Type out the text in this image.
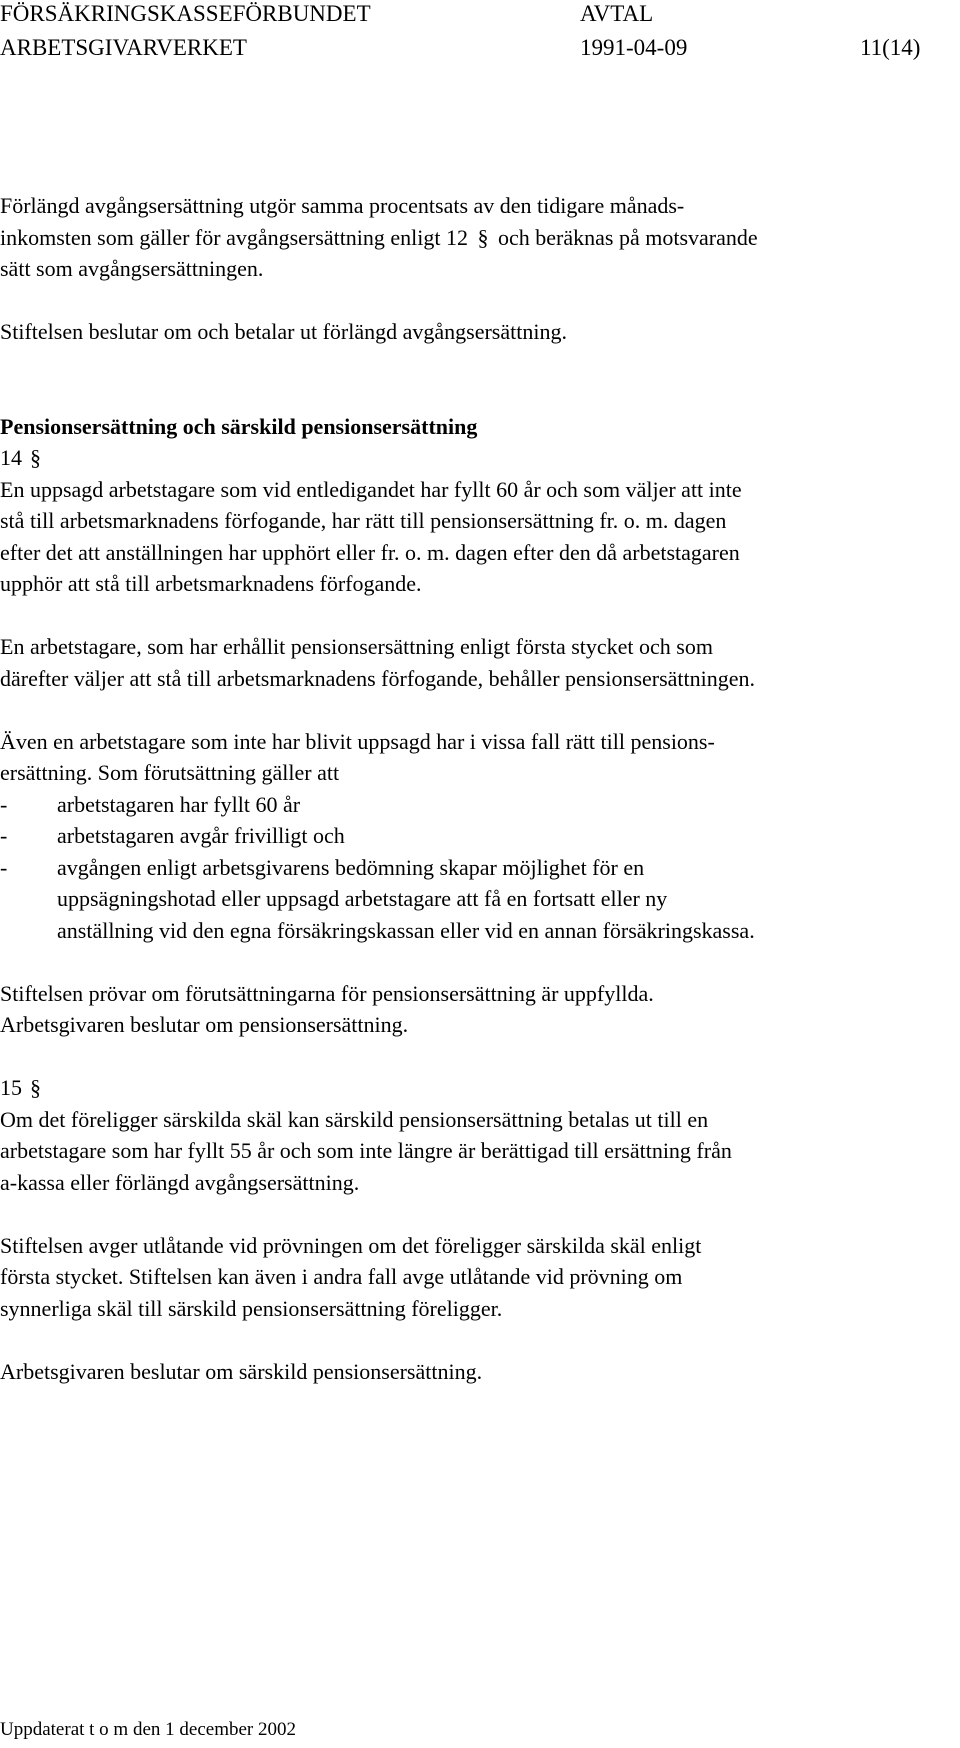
FÖRSÄKRINGSKASSEFÖRBUNDET	AVTAL
ARBETSGIVARVERKET	1991-04-09	11(14)

Förlängd avgångsersättning utgör samma procentsats av den tidigare månads-
inkomsten som gäller för avgångsersättning enligt 12 § och beräknas på motsvarande
sätt som avgångsersättningen.

Stiftelsen beslutar om och betalar ut förlängd avgångsersättning.

Pensionsersättning och särskild pensionsersättning

14 §

En uppsagd arbetstagare som vid entledigandet har fyllt 60 år och som väljer att inte
stå till arbetsmarknadens förfogande, har rätt till pensionsersättning fr. o. m. dagen
efter det att anställningen har upphört eller fr. o. m. dagen efter den då arbetstagaren
upphör att stå till arbetsmarknadens förfogande.

En arbetstagare, som har erhållit pensionsersättning enligt första stycket och som
därefter väljer att stå till arbetsmarknadens förfogande, behåller pensionsersättningen.

Även en arbetstagare som inte har blivit uppsagd har i vissa fall rätt till pensions-
ersättning. Som förutsättning gäller att

- arbetstagaren har fyllt 60 år
- arbetstagaren avgår frivilligt och
- avgången enligt arbetsgivarens bedömning skapar möjlighet för en
uppsägningshotad eller uppsagd arbetstagare att få en fortsatt eller ny
anställning vid den egna försäkringskassan eller vid en annan försäkringskassa.

Stiftelsen prövar om förutsättningarna för pensionsersättning är uppfyllda.
Arbetsgivaren beslutar om pensionsersättning.

15 §

Om det föreligger särskilda skäl kan särskild pensionsersättning betalas ut till en
arbetstagare som har fyllt 55 år och som inte längre är berättigad till ersättning från
a-kassa eller förlängd avgångsersättning.

Stiftelsen avger utlåtande vid prövningen om det föreligger särskilda skäl enligt
första stycket. Stiftelsen kan även i andra fall avge utlåtande vid prövning om
synnerliga skäl till särskild pensionsersättning föreligger.

Arbetsgivaren beslutar om särskild pensionsersättning.

Uppdaterat t o m den 1 december 2002
